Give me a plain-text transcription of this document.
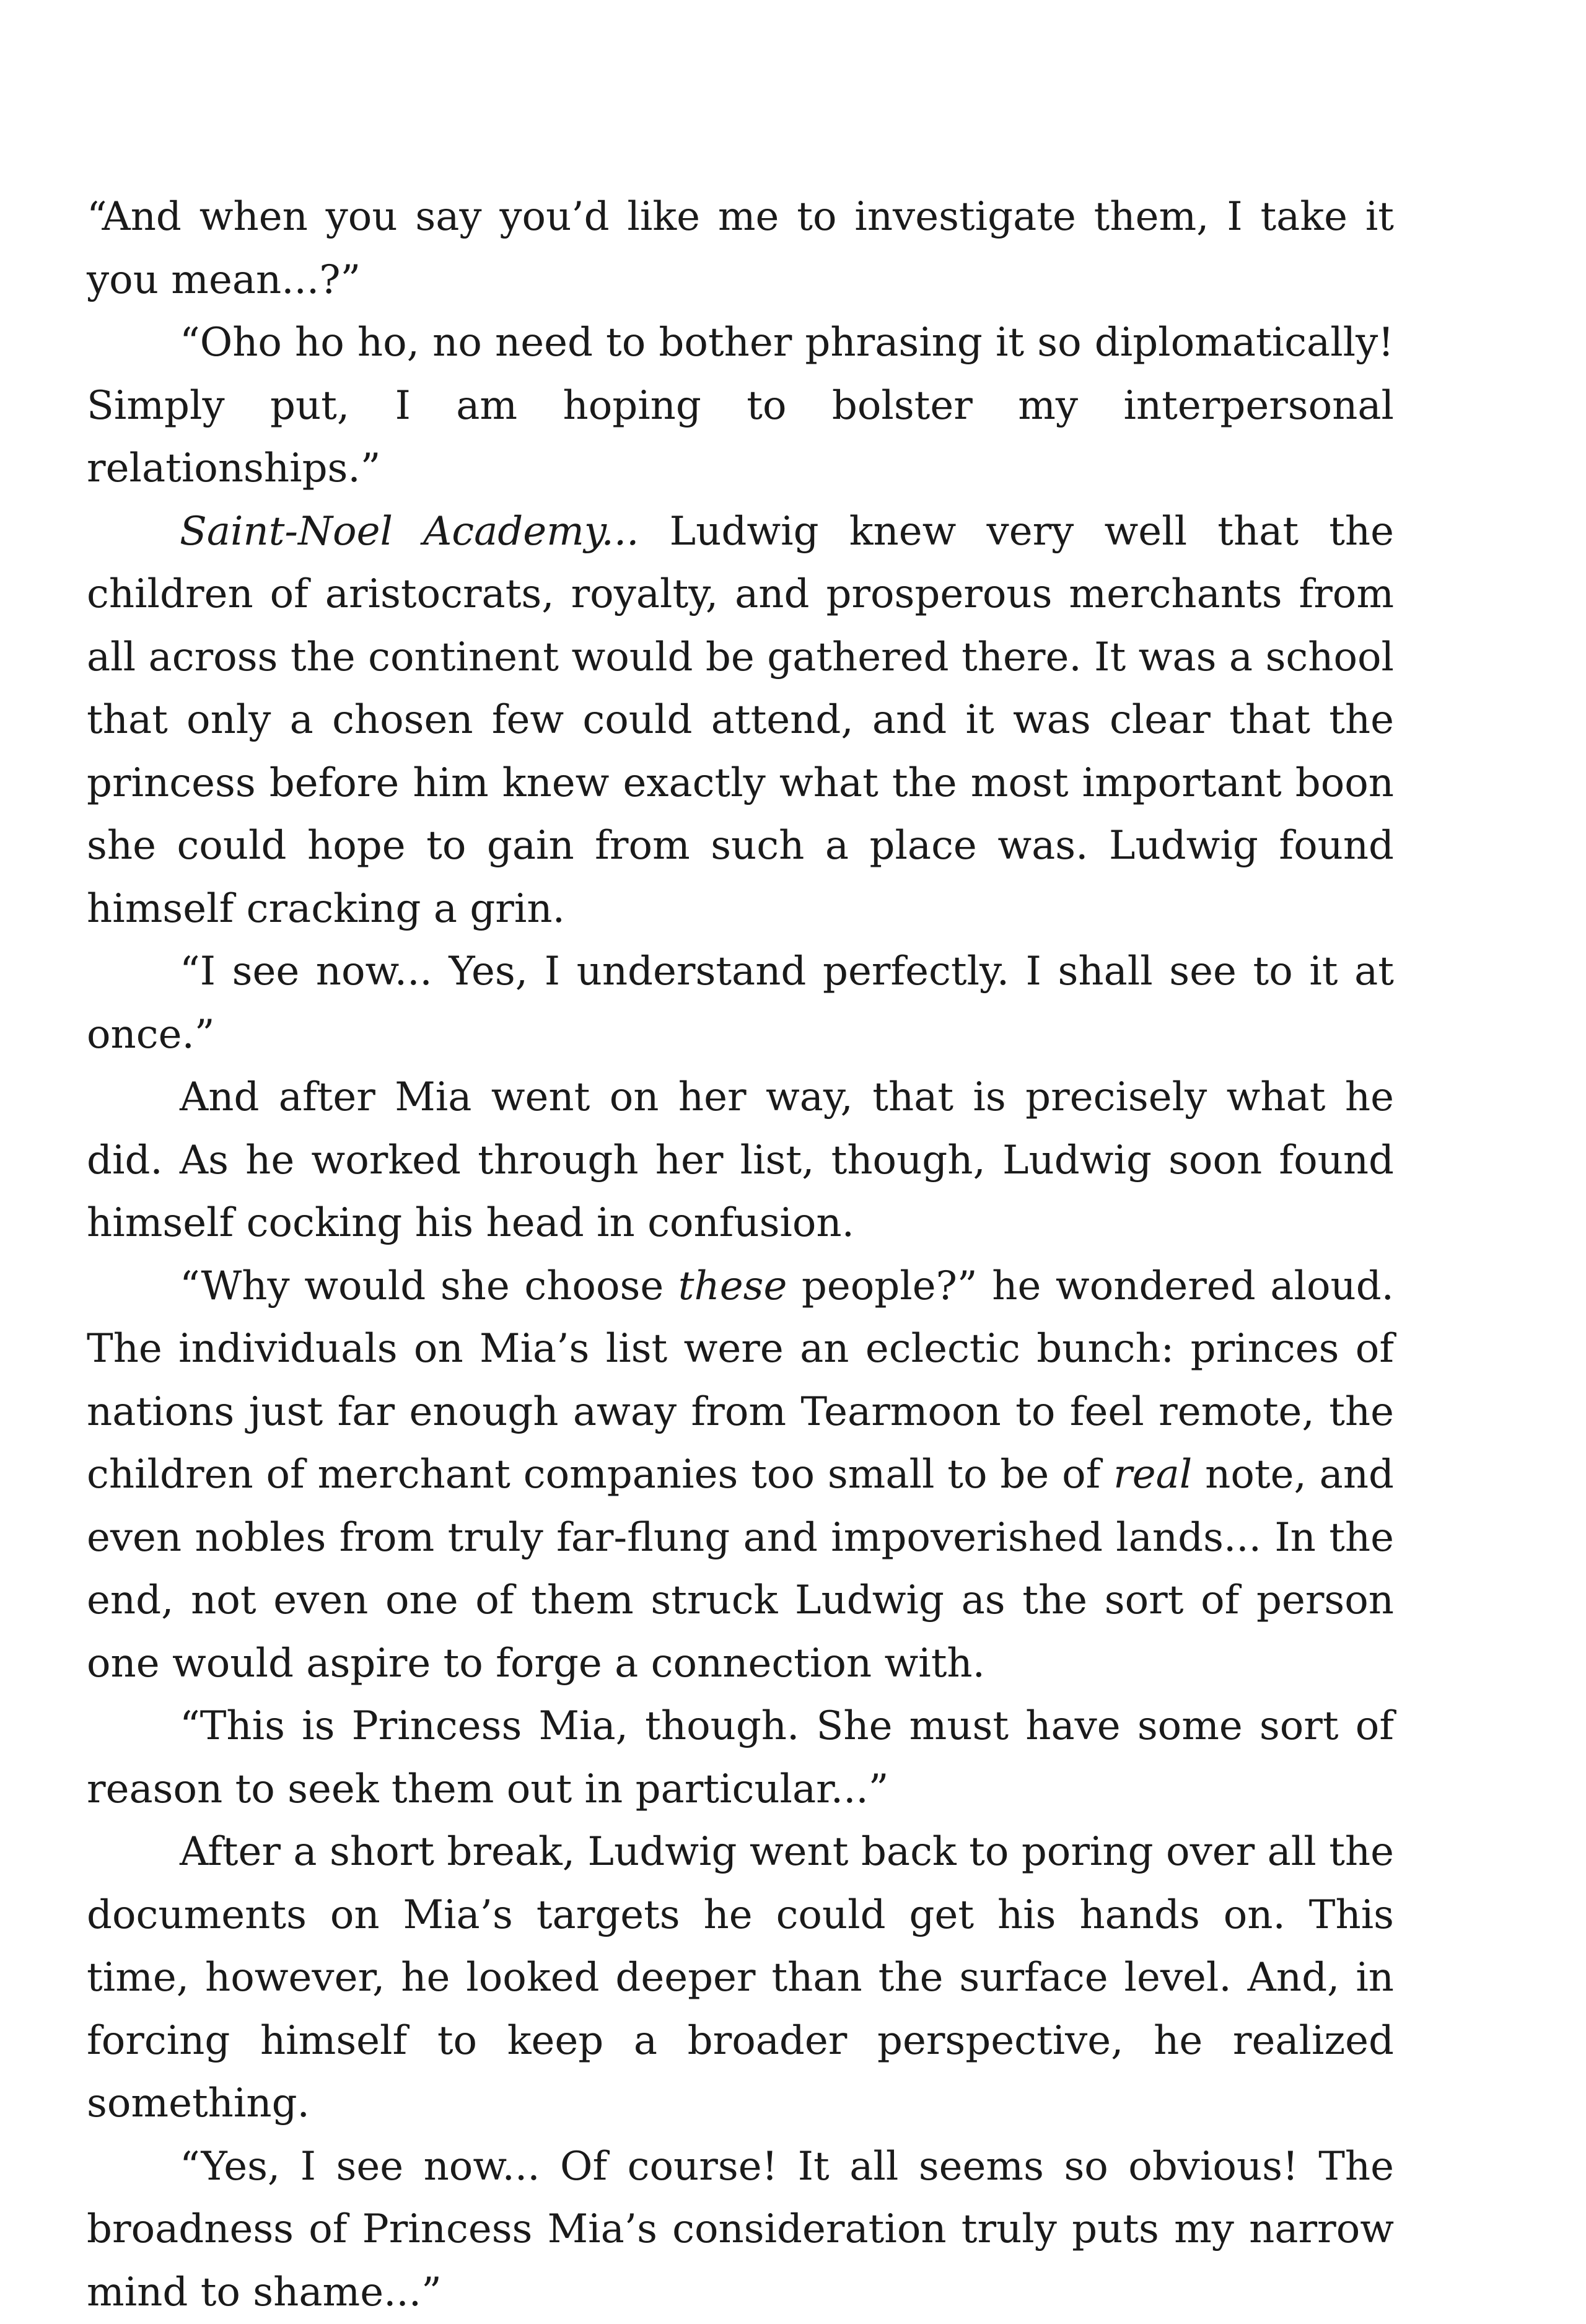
“And when you say you’d like me to investigate them, I take it you mean...?”

“Oho ho ho, no need to bother phrasing it so diplomatically! Simply put, I am hoping to bolster my interpersonal relationships.”

Saint-Noel Academy... Ludwig knew very well that the children of aristocrats, royalty, and prosperous merchants from all across the continent would be gathered there. It was a school that only a chosen few could attend, and it was clear that the princess before him knew exactly what the most important boon she could hope to gain from such a place was. Ludwig found himself cracking a grin.

“I see now... Yes, I understand perfectly. I shall see to it at once.”

And after Mia went on her way, that is precisely what he did. As he worked through her list, though, Ludwig soon found himself cocking his head in confusion.

“Why would she choose these people?” he wondered aloud. The individuals on Mia’s list were an eclectic bunch: princes of nations just far enough away from Tearmoon to feel remote, the children of merchant companies too small to be of real note, and even nobles from truly far-flung and impoverished lands... In the end, not even one of them struck Ludwig as the sort of person one would aspire to forge a connection with.

“This is Princess Mia, though. She must have some sort of reason to seek them out in particular...”

After a short break, Ludwig went back to poring over all the documents on Mia’s targets he could get his hands on. This time, however, he looked deeper than the surface level. And, in forcing himself to keep a broader perspective, he realized something.

“Yes, I see now... Of course! It all seems so obvious! The broadness of Princess Mia’s consideration truly puts my narrow mind to shame...”
